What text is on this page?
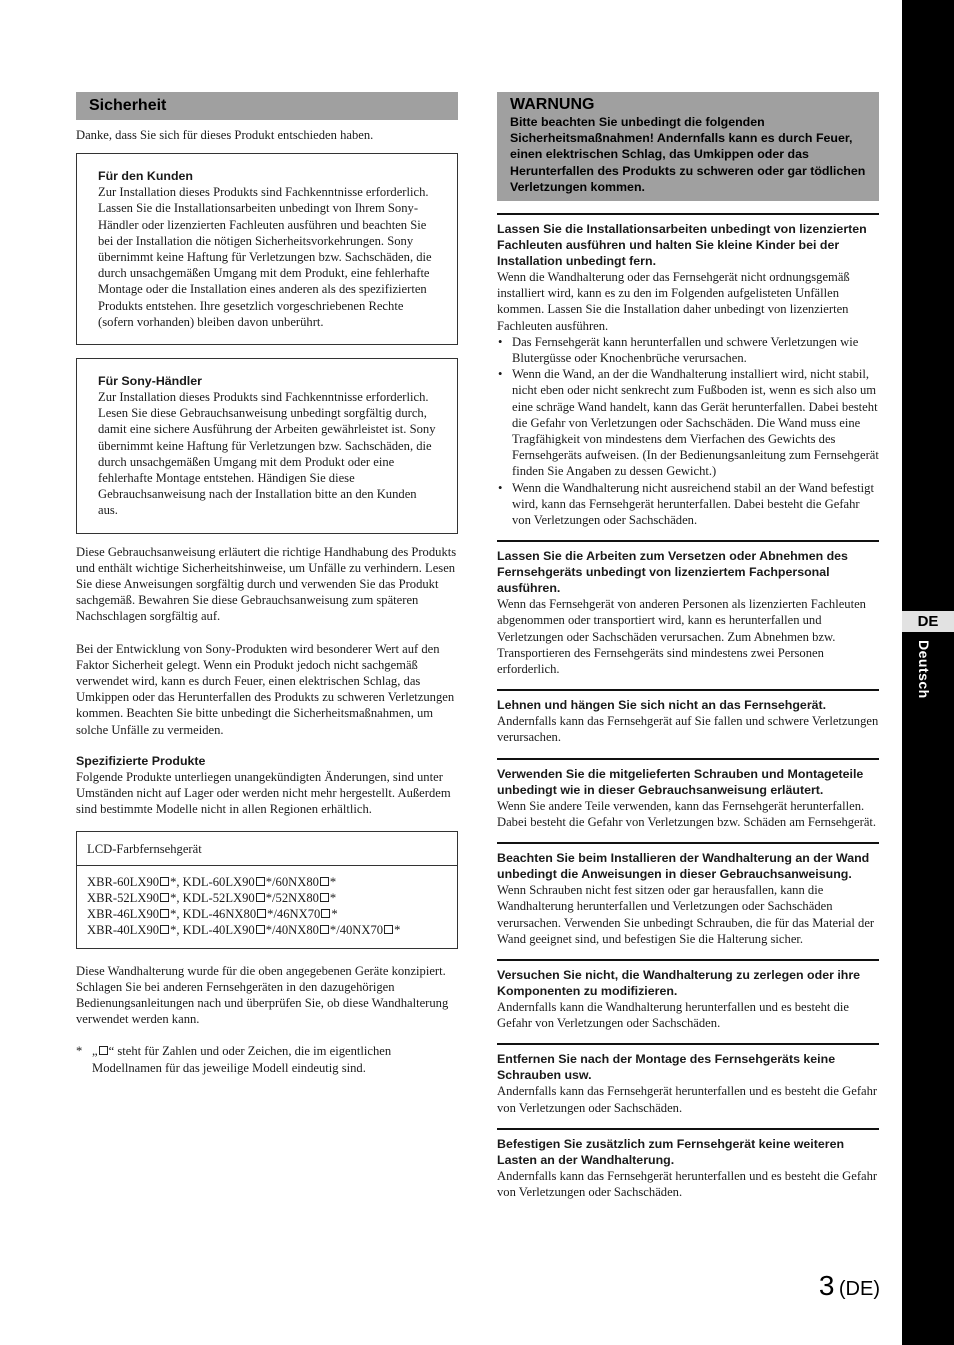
Sicherheit

Danke, dass Sie sich für dieses Produkt entschieden haben.

Für den Kunden

Zur Installation dieses Produkts sind Fachkenntnisse erforderlich. Lassen Sie die Installationsarbeiten unbedingt von Ihrem Sony-Händler oder lizenzierten Fachleuten ausführen und beachten Sie bei der Installation die nötigen Sicherheitsvorkehrungen. Sony übernimmt keine Haftung für Verletzungen bzw. Sachschäden, die durch unsachgemäßen Umgang mit dem Produkt, eine fehlerhafte Montage oder die Installation eines anderen als des spezifizierten Produkts entstehen. Ihre gesetzlich vorgeschriebenen Rechte (sofern vorhanden) bleiben davon unberührt.

Für Sony-Händler

Zur Installation dieses Produkts sind Fachkenntnisse erforderlich. Lesen Sie diese Gebrauchsanweisung unbedingt sorgfältig durch, damit eine sichere Ausführung der Arbeiten gewährleistet ist. Sony übernimmt keine Haftung für Verletzungen bzw. Sachschäden, die durch unsachgemäßen Umgang mit dem Produkt oder eine fehlerhafte Montage entstehen. Händigen Sie diese Gebrauchsanweisung nach der Installation bitte an den Kunden aus.

Diese Gebrauchsanweisung erläutert die richtige Handhabung des Produkts und enthält wichtige Sicherheitshinweise, um Unfälle zu verhindern. Lesen Sie diese Anweisungen sorgfältig durch und verwenden Sie das Produkt sachgemäß. Bewahren Sie diese Gebrauchsanweisung zum späteren Nachschlagen sorgfältig auf.

Bei der Entwicklung von Sony-Produkten wird besonderer Wert auf den Faktor Sicherheit gelegt. Wenn ein Produkt jedoch nicht sachgemäß verwendet wird, kann es durch Feuer, einen elektrischen Schlag, das Umkippen oder das Herunterfallen des Produkts zu schweren Verletzungen kommen. Beachten Sie bitte unbedingt die Sicherheitsmaßnahmen, um solche Unfälle zu vermeiden.

Spezifizierte Produkte

Folgende Produkte unterliegen unangekündigten Änderungen, sind unter Umständen nicht auf Lager oder werden nicht mehr hergestellt. Außerdem sind bestimmte Modelle nicht in allen Regionen erhältlich.

LCD-Farbfernsehgerät
XBR-60LX90 *, KDL-60LX90 */60NX80 *
XBR-52LX90 *, KDL-52LX90 */52NX80 *
XBR-46LX90 *, KDL-46NX80 */46NX70 *
XBR-40LX90 *, KDL-40LX90 */40NX80 */40NX70 *

Diese Wandhalterung wurde für die oben angegebenen Geräte konzipiert. Schlagen Sie bei anderen Fernsehgeräten in den dazugehörigen Bedienungsanleitungen nach und überprüfen Sie, ob diese Wandhalterung verwendet werden kann.

* „ “ steht für Zahlen und oder Zeichen, die im eigentlichen Modellnamen für das jeweilige Modell eindeutig sind.
WARNUNG

Bitte beachten Sie unbedingt die folgenden Sicherheitsmaßnahmen! Andernfalls kann es durch Feuer, einen elektrischen Schlag, das Umkippen oder das Herunterfallen des Produkts zu schweren oder gar tödlichen Verletzungen kommen.

Lassen Sie die Installationsarbeiten unbedingt von lizenzierten Fachleuten ausführen und halten Sie kleine Kinder bei der Installation unbedingt fern.

Wenn die Wandhalterung oder das Fernsehgerät nicht ordnungsgemäß installiert wird, kann es zu den im Folgenden aufgelisteten Unfällen kommen. Lassen Sie die Installation daher unbedingt von lizenzierten Fachleuten ausführen.

• Das Fernsehgerät kann herunterfallen und schwere Verletzungen wie Blutergüsse oder Knochenbrüche verursachen.
• Wenn die Wand, an der die Wandhalterung installiert wird, nicht stabil, nicht eben oder nicht senkrecht zum Fußboden ist, wenn es sich also um eine schräge Wand handelt, kann das Gerät herunterfallen. Dabei besteht die Gefahr von Verletzungen oder Sachschäden. Die Wand muss eine Tragfähigkeit von mindestens dem Vierfachen des Gewichts des Fernsehgeräts aufweisen. (In der Bedienungsanleitung zum Fernsehgerät finden Sie Angaben zu dessen Gewicht.)
• Wenn die Wandhalterung nicht ausreichend stabil an der Wand befestigt wird, kann das Fernsehgerät herunterfallen. Dabei besteht die Gefahr von Verletzungen oder Sachschäden.
Lassen Sie die Arbeiten zum Versetzen oder Abnehmen des Fernsehgeräts unbedingt von lizenziertem Fachpersonal ausführen.

Wenn das Fernsehgerät von anderen Personen als lizenzierten Fachleuten abgenommen oder transportiert wird, kann es herunterfallen und Verletzungen oder Sachschäden verursachen. Zum Abnehmen bzw. Transportieren des Fernsehgeräts sind mindestens zwei Personen erforderlich.

Lehnen und hängen Sie sich nicht an das Fernsehgerät.

Andernfalls kann das Fernsehgerät auf Sie fallen und schwere Verletzungen verursachen.

Verwenden Sie die mitgelieferten Schrauben und Montageteile unbedingt wie in dieser Gebrauchsanweisung erläutert.

Wenn Sie andere Teile verwenden, kann das Fernsehgerät herunterfallen. Dabei besteht die Gefahr von Verletzungen bzw. Schäden am Fernsehgerät.

Beachten Sie beim Installieren der Wandhalterung an der Wand unbedingt die Anweisungen in dieser Gebrauchsanweisung.

Wenn Schrauben nicht fest sitzen oder gar herausfallen, kann die Wandhalterung herunterfallen und Verletzungen oder Sachschäden verursachen. Verwenden Sie unbedingt Schrauben, die für das Material der Wand geeignet sind, und befestigen Sie die Halterung sicher.

Versuchen Sie nicht, die Wandhalterung zu zerlegen oder ihre Komponenten zu modifizieren.

Andernfalls kann die Wandhalterung herunterfallen und es besteht die Gefahr von Verletzungen oder Sachschäden.

Entfernen Sie nach der Montage des Fernsehgeräts keine Schrauben usw.

Andernfalls kann das Fernsehgerät herunterfallen und es besteht die Gefahr von Verletzungen oder Sachschäden.

Befestigen Sie zusätzlich zum Fernsehgerät keine weiteren Lasten an der Wandhalterung.

Andernfalls kann das Fernsehgerät herunterfallen und es besteht die Gefahr von Verletzungen oder Sachschäden.

DE
Deutsch
3 (DE)
